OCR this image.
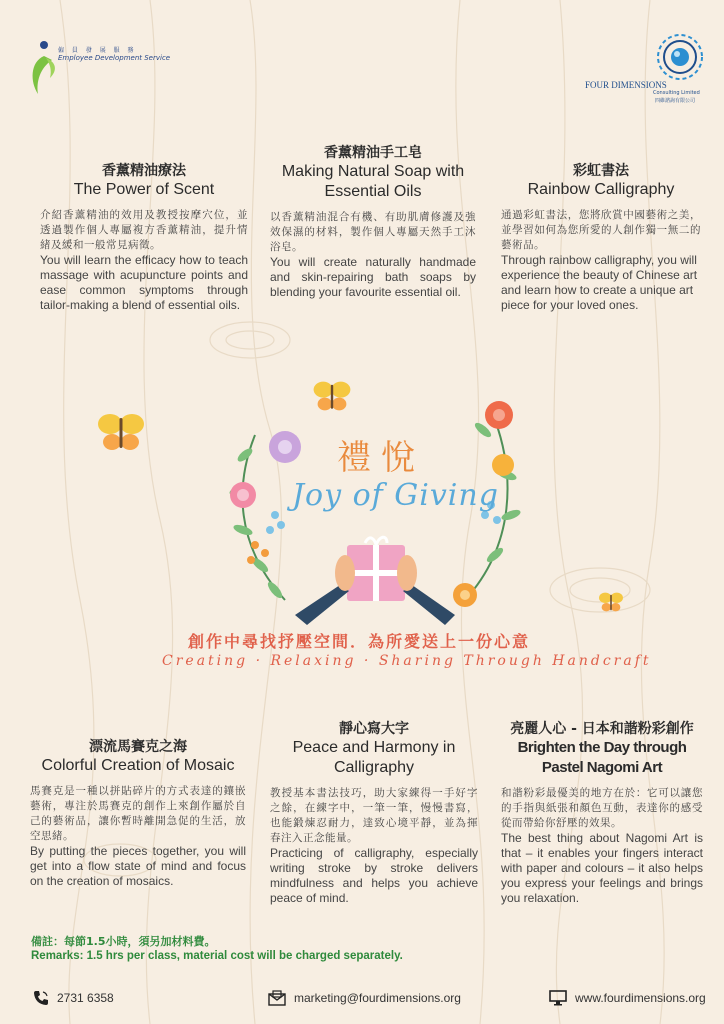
僱 員 發 展 服 務
Employee Development Service
FOUR DIMENSIONS
Consulting Limited
四維諮詢有限公司
香薰精油療法
The Power of Scent
介紹香薰精油的效用及教授按摩穴位，並透過製作個人專屬複方香薰精油，提升情緒及緩和一般常見病徵。
You will learn the efficacy how to teach massage with acupuncture points and ease common symptoms through tailor-making a blend of essential oils.
香薰精油手工皂
Making Natural Soap with Essential Oils
以香薰精油混合有機、有助肌膚修護及強效保濕的材料，製作個人專屬天然手工沐浴皂。
You will create naturally handmade and skin-repairing bath soaps by blending your favourite essential oil.
彩虹書法
Rainbow Calligraphy
通過彩虹書法，您將欣賞中國藝術之美，並學習如何為您所愛的人創作獨一無二的藝術品。
Through rainbow calligraphy, you will experience the beauty of Chinese art and learn how to create a unique art piece for your loved ones.
禮悅
Joy of Giving
創作中尋找抒壓空間．為所愛送上一份心意
Creating · Relaxing · Sharing Through Handcraft
漂流馬賽克之海
Colorful Creation of Mosaic
馬賽克是一種以拼貼碎片的方式表達的鑲嵌藝術，專注於馬賽克的創作上來創作屬於自己的藝術品，讓你暫時離開急促的生活，放空思緒。
By putting the pieces together, you will get into a flow state of mind and focus on the creation of mosaics.
靜心寫大字
Peace and Harmony in Calligraphy
教授基本書法技巧，助大家練得一手好字之餘，在練字中，一筆一筆，慢慢書寫，也能鍛煉忍耐力，達致心境平靜，並為揮春注入正念能量。
Practicing of calligraphy, especially writing stroke by stroke delivers mindfulness and helps you achieve peace of mind.
亮麗人心 - 日本和諧粉彩創作
Brighten the Day through Pastel Nagomi Art
和諧粉彩最優美的地方在於：它可以讓您的手指與紙張和顏色互動，表達你的感受從而帶給你舒壓的效果。
The best thing about Nagomi Art is that – it enables your fingers interact with paper and colours – it also helps you express your feelings and brings you relaxation.
備註：每節1.5小時，須另加材料費。
Remarks: 1.5 hrs per class, material cost will be charged separately.
2731 6358	marketing@fourdimensions.org	www.fourdimensions.org
